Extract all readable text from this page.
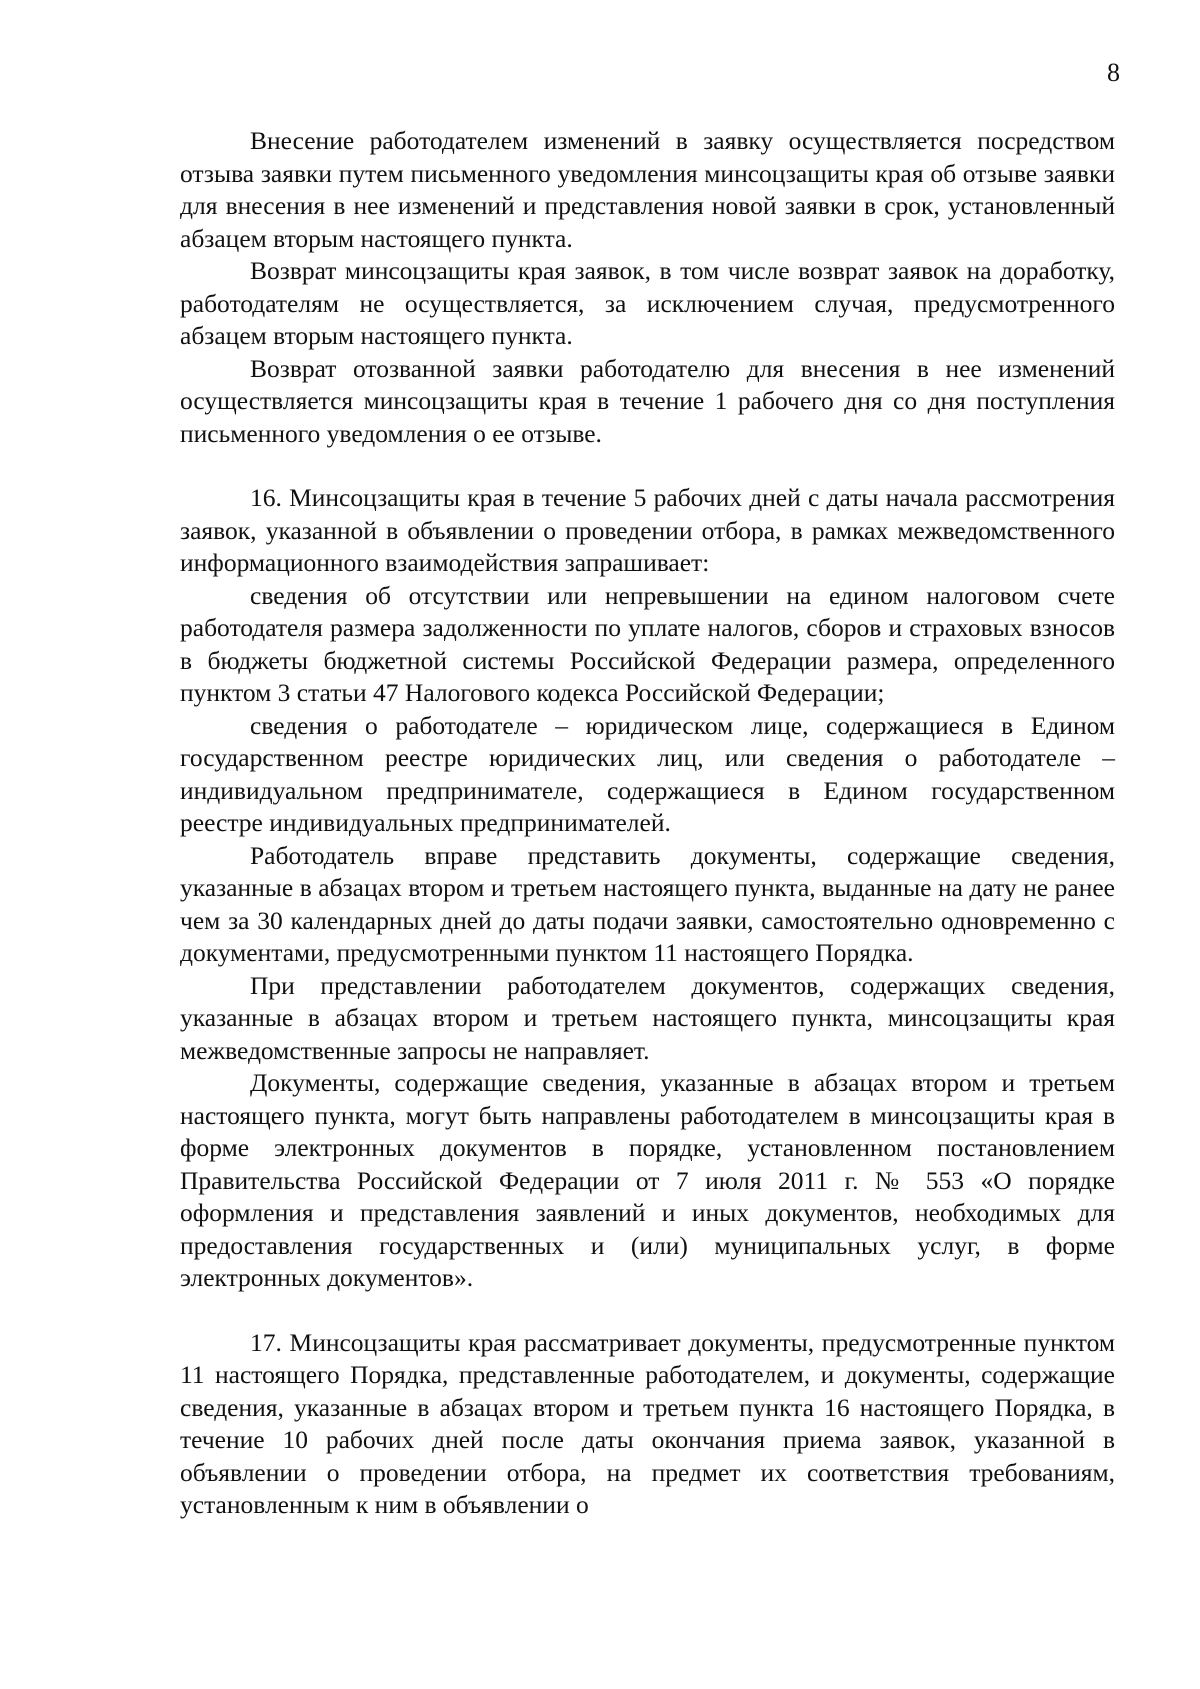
8

Внесение работодателем изменений в заявку осуществляется посредством отзыва заявки путем письменного уведомления минсоцзащиты края об отзыве заявки для внесения в нее изменений и представления новой заявки в срок, установленный абзацем вторым настоящего пункта.

Возврат минсоцзащиты края заявок, в том числе возврат заявок на доработку, работодателям не осуществляется, за исключением случая, предусмотренного абзацем вторым настоящего пункта.

Возврат отозванной заявки работодателю для внесения в нее изменений осуществляется минсоцзащиты края в течение 1 рабочего дня со дня поступления письменного уведомления о ее отзыве.

16. Минсоцзащиты края в течение 5 рабочих дней с даты начала рассмотрения заявок, указанной в объявлении о проведении отбора, в рамках межведомственного информационного взаимодействия запрашивает:

сведения об отсутствии или непревышении на едином налоговом счете работодателя размера задолженности по уплате налогов, сборов и страховых взносов в бюджеты бюджетной системы Российской Федерации размера, определенного пунктом 3 статьи 47 Налогового кодекса Российской Федерации;

сведения о работодателе – юридическом лице, содержащиеся в Едином государственном реестре юридических лиц, или сведения о работодателе – индивидуальном предпринимателе, содержащиеся в Едином государственном реестре индивидуальных предпринимателей.

Работодатель вправе представить документы, содержащие сведения, указанные в абзацах втором и третьем настоящего пункта, выданные на дату не ранее чем за 30 календарных дней до даты подачи заявки, самостоятельно одновременно с документами, предусмотренными пунктом 11 настоящего Порядка.

При представлении работодателем документов, содержащих сведения, указанные в абзацах втором и третьем настоящего пункта, минсоцзащиты края межведомственные запросы не направляет.

Документы, содержащие сведения, указанные в абзацах втором и третьем настоящего пункта, могут быть направлены работодателем в минсоцзащиты края в форме электронных документов в порядке, установленном постановлением Правительства Российской Федерации от 7 июля 2011 г. № 553 «О порядке оформления и представления заявлений и иных документов, необходимых для предоставления государственных и (или) муниципальных услуг, в форме электронных документов».

17. Минсоцзащиты края рассматривает документы, предусмотренные пунктом 11 настоящего Порядка, представленные работодателем, и документы, содержащие сведения, указанные в абзацах втором и третьем пункта 16 настоящего Порядка, в течение 10 рабочих дней после даты окончания приема заявок, указанной в объявлении о проведении отбора, на предмет их соответствия требованиям, установленным к ним в объявлении о
